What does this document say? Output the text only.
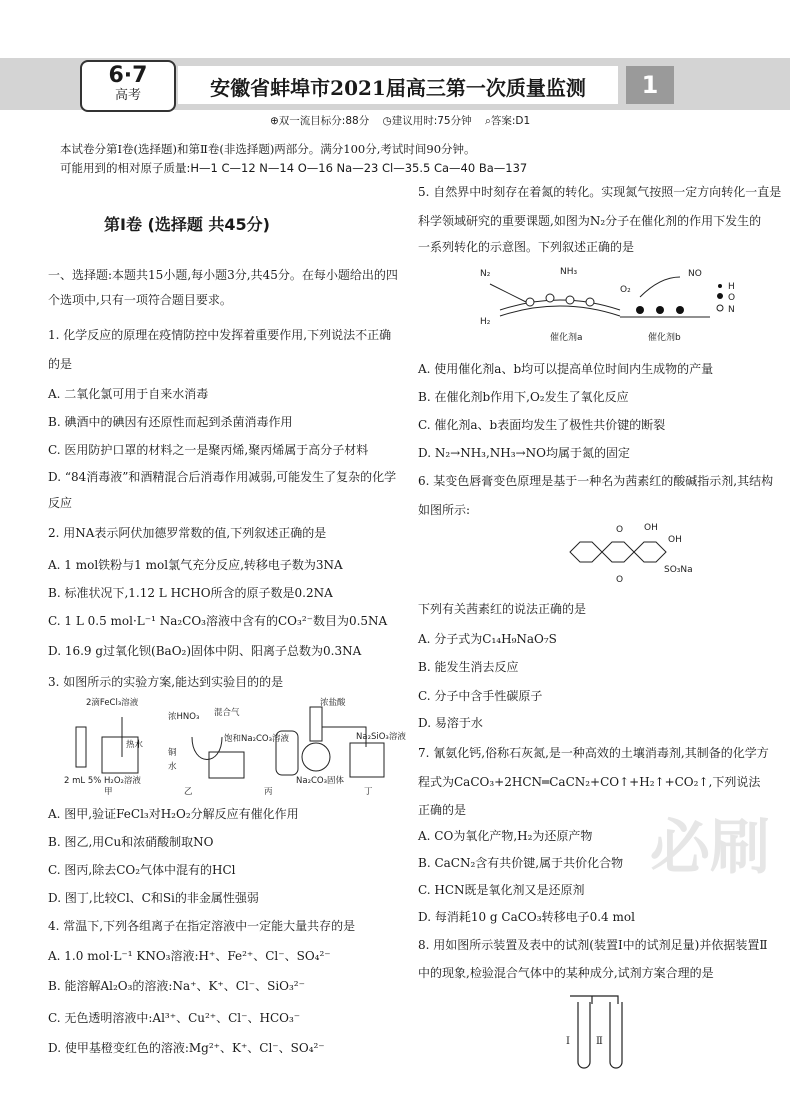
6·7
高考	安徽省蚌埠市2021届高三第一次质量监测	1
⊕双一流目标分:88分 ◷建议用时:75分钟 ⌕答案:D1
本试卷分第Ⅰ卷(选择题)和第Ⅱ卷(非选择题)两部分。满分100分,考试时间90分钟。
可能用到的相对原子质量:H—1 C—12 N—14 O—16 Na—23 Cl—35.5 Ca—40 Ba—137
第Ⅰ卷 (选择题 共45分)
一、选择题:本题共15小题,每小题3分,共45分。在每小题给出的四
个选项中,只有一项符合题目要求。
1. 化学反应的原理在疫情防控中发挥着重要作用,下列说法不正确
的是
A. 二氧化氯可用于自来水消毒
B. 碘酒中的碘因有还原性而起到杀菌消毒作用
C. 医用防护口罩的材料之一是聚丙烯,聚丙烯属于高分子材料
D. “84消毒液”和酒精混合后消毒作用减弱,可能发生了复杂的化学
反应
2. 用NA表示阿伏加德罗常数的值,下列叙述正确的是
A. 1 mol铁粉与1 mol氯气充分反应,转移电子数为3NA
B. 标准状况下,1.12 L HCHO所含的原子数是0.2NA
C. 1 L 0.5 mol·L⁻¹ Na₂CO₃溶液中含有的CO₃²⁻数目为0.5NA
D. 16.9 g过氧化钡(BaO₂)固体中阴、阳离子总数为0.3NA
3. 如图所示的实验方案,能达到实验目的的是
A. 图甲,验证FeCl₃对H₂O₂分解反应有催化作用
B. 图乙,用Cu和浓硝酸制取NO
C. 图丙,除去CO₂气体中混有的HCl
D. 图丁,比较Cl、C和Si的非金属性强弱
4. 常温下,下列各组离子在指定溶液中一定能大量共存的是
A. 1.0 mol·L⁻¹ KNO₃溶液:H⁺、Fe²⁺、Cl⁻、SO₄²⁻
B. 能溶解Al₂O₃的溶液:Na⁺、K⁺、Cl⁻、SiO₃²⁻
C. 无色透明溶液中:Al³⁺、Cu²⁺、Cl⁻、HCO₃⁻
D. 使甲基橙变红色的溶液:Mg²⁺、K⁺、Cl⁻、SO₄²⁻
2滴FeCl₃溶液
热水
2 mL 5% H₂O₂溶液
甲
浓HNO₃
铜
水
乙
混合气
饱和Na₂CO₃溶液
丙
浓盐酸
Na₂CO₃固体
Na₂SiO₃溶液
丁
5. 自然界中时刻存在着氮的转化。实现氮气按照一定方向转化一直是
科学领域研究的重要课题,如图为N₂分子在催化剂的作用下发生的
一系列转化的示意图。下列叙述正确的是
A. 使用催化剂a、b均可以提高单位时间内生成物的产量
B. 在催化剂b作用下,O₂发生了氧化反应
C. 催化剂a、b表面均发生了极性共价键的断裂
D. N₂→NH₃,NH₃→NO均属于氮的固定
6. 某变色唇膏变色原理是基于一种名为茜素红的酸碱指示剂,其结构
如图所示:
下列有关茜素红的说法正确的是
A. 分子式为C₁₄H₉NaO₇S
B. 能发生消去反应
C. 分子中含手性碳原子
D. 易溶于水
7. 氰氨化钙,俗称石灰氮,是一种高效的土壤消毒剂,其制备的化学方
程式为CaCO₃+2HCN═CaCN₂+CO↑+H₂↑+CO₂↑,下列说法
正确的是
A. CO为氧化产物,H₂为还原产物
B. CaCN₂含有共价键,属于共价化合物
C. HCN既是氧化剂又是还原剂
D. 每消耗10 g CaCO₃转移电子0.4 mol
8. 用如图所示装置及表中的试剂(装置Ⅰ中的试剂足量)并依据装置Ⅱ
中的现象,检验混合气体中的某种成分,试剂方案合理的是
N₂	NH₃
H₂
催化剂a
O₂
NO
催化剂b
H
O
N
O OH
OH
SO₃Na
O
Ⅰ	Ⅱ
必刷
